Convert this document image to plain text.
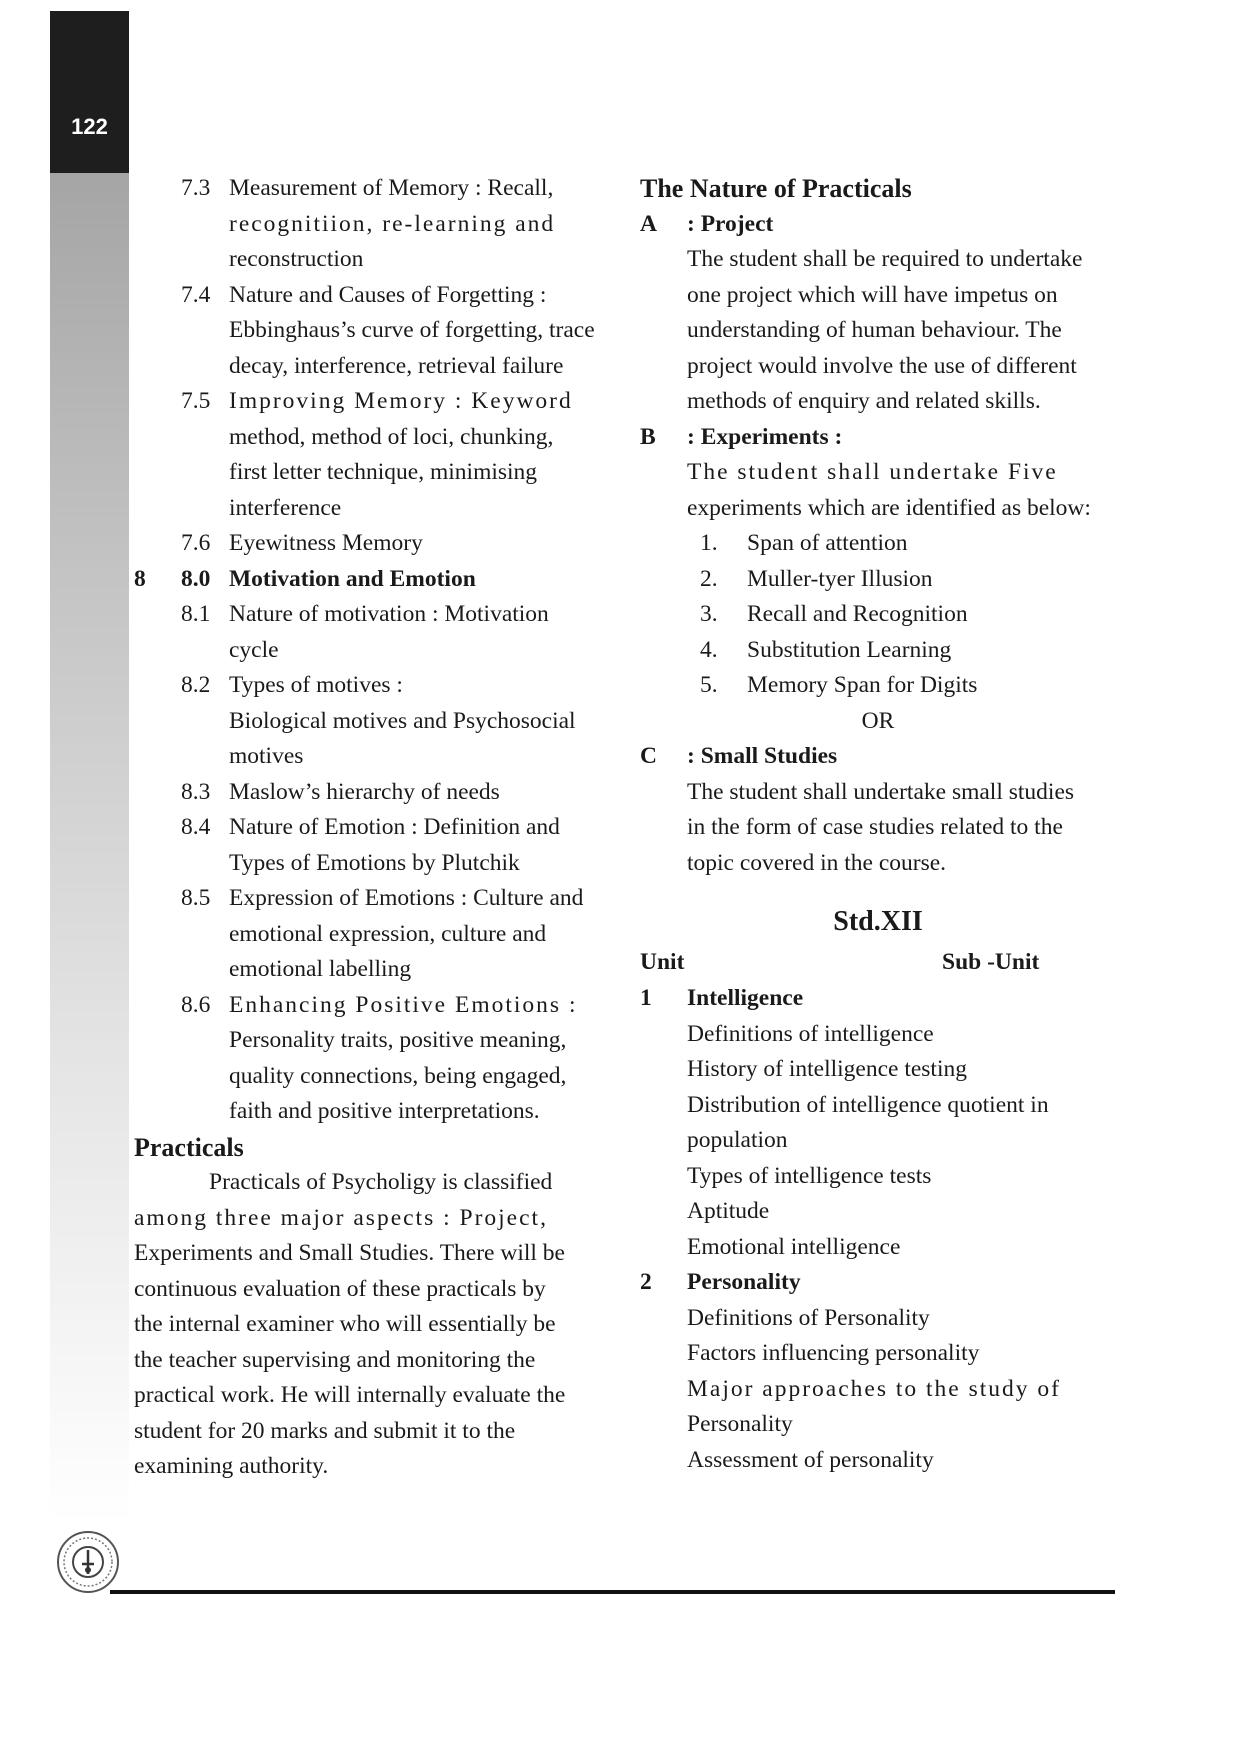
122
7.3 Measurement of Memory : Recall,
recognitiion, re-learning and
reconstruction
7.4 Nature and Causes of Forgetting :
Ebbinghaus’s curve of forgetting, trace
decay, interference, retrieval failure
7.5 Improving Memory : Keyword
method, method of loci, chunking,
first letter technique, minimising
interference
7.6 Eyewitness Memory
8 8.0 Motivation and Emotion
8.1 Nature of motivation : Motivation
cycle
8.2 Types of motives :
Biological motives and Psychosocial
motives
8.3 Maslow’s hierarchy of needs
8.4 Nature of Emotion : Definition and
Types of Emotions by Plutchik
8.5 Expression of Emotions : Culture and
emotional expression, culture and
emotional labelling
8.6 Enhancing Positive Emotions :
Personality traits, positive meaning,
quality connections, being engaged,
faith and positive interpretations.
Practicals
Practicals of Psycholigy is classified
among three major aspects : Project,
Experiments and Small Studies. There will be
continuous evaluation of these practicals by
the internal examiner who will essentially be
the teacher supervising and monitoring the
practical work. He will internally evaluate the
student for 20 marks and submit it to the
examining authority.
The Nature of Practicals
A : Project
The student shall be required to undertake
one project which will have impetus on
understanding of human behaviour. The
project would involve the use of different
methods of enquiry and related skills.
B : Experiments :
The student shall undertake Five
experiments which are identified as below:
1. Span of attention
2. Muller-tyer Illusion
3. Recall and Recognition
4. Substitution Learning
5. Memory Span for Digits
OR
C : Small Studies
The student shall undertake small studies
in the form of case studies related to the
topic covered in the course.
Std.XII
Unit	Sub -Unit
1 Intelligence
Definitions of intelligence
History of intelligence testing
Distribution of intelligence quotient in
population
Types of intelligence tests
Aptitude
Emotional intelligence
2 Personality
Definitions of Personality
Factors influencing personality
Major approaches to the study of
Personality
Assessment of personality
